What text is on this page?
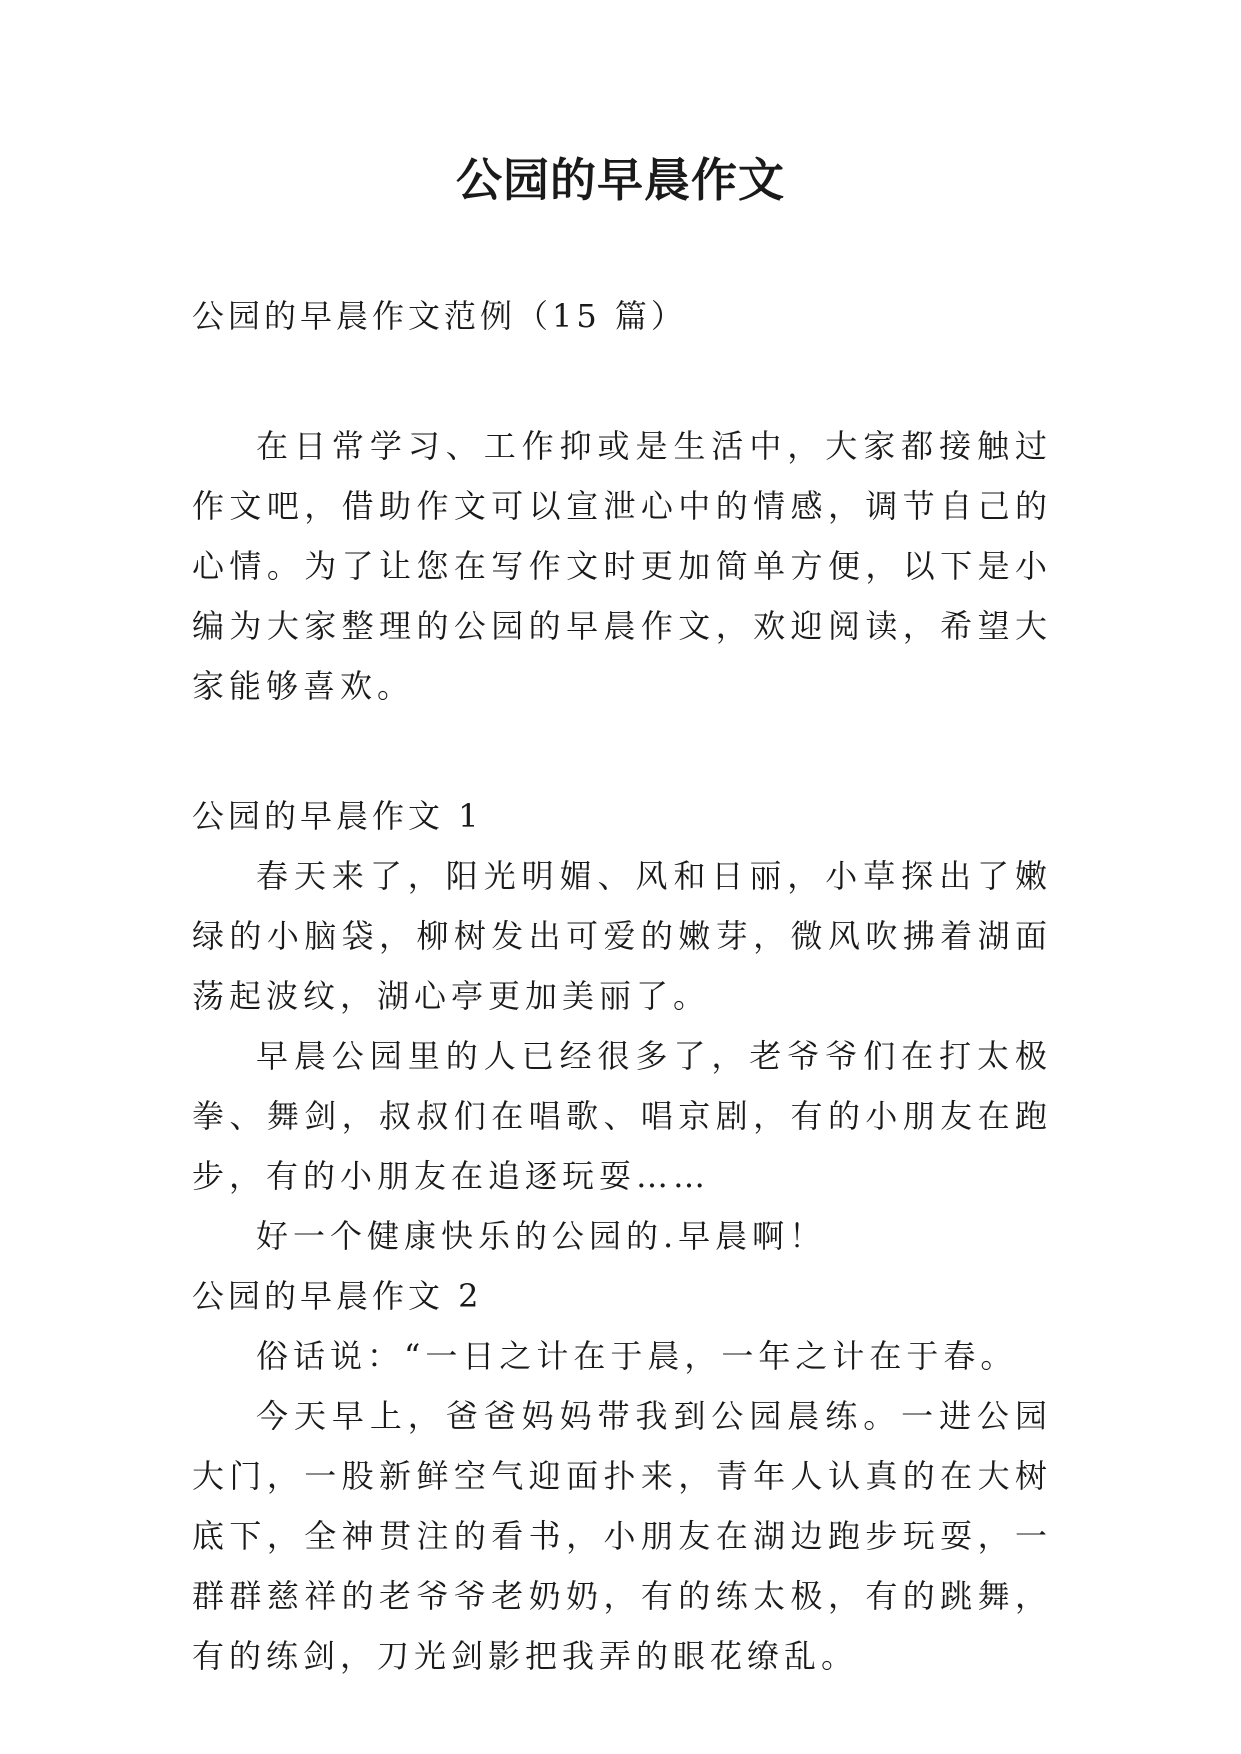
公园的早晨作文

公园的早晨作文范例（15 篇）

在日常学习、工作抑或是生活中，大家都接触过作文吧，借助作文可以宣泄心中的情感，调节自己的心情。为了让您在写作文时更加简单方便，以下是小编为大家整理的公园的早晨作文，欢迎阅读，希望大家能够喜欢。

公园的早晨作文 1

春天来了，阳光明媚、风和日丽，小草探出了嫩绿的小脑袋，柳树发出可爱的嫩芽，微风吹拂着湖面荡起波纹，湖心亭更加美丽了。

早晨公园里的人已经很多了，老爷爷们在打太极拳、舞剑，叔叔们在唱歌、唱京剧，有的小朋友在跑步，有的小朋友在追逐玩耍……

好一个健康快乐的公园的.早晨啊！

公园的早晨作文 2

俗话说：“一日之计在于晨，一年之计在于春。

今天早上，爸爸妈妈带我到公园晨练。一进公园大门，一股新鲜空气迎面扑来，青年人认真的在大树底下，全神贯注的看书，小朋友在湖边跑步玩耍，一群群慈祥的老爷爷老奶奶，有的练太极，有的跳舞，有的练剑，刀光剑影把我弄的眼花缭乱。
